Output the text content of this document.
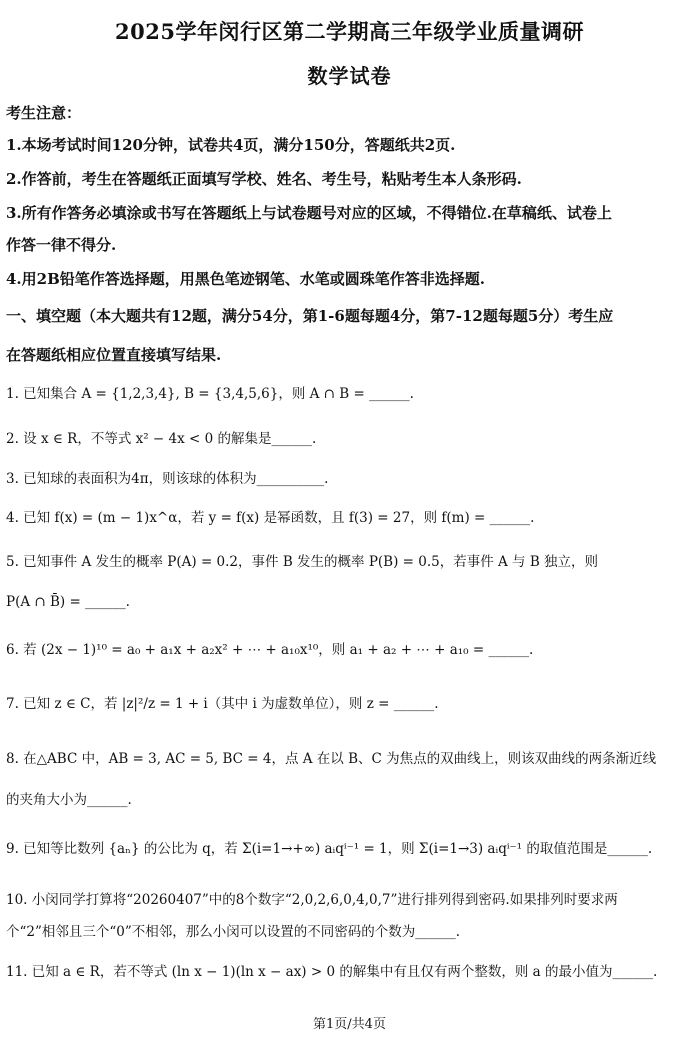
2025学年闵行区第二学期高三年级学业质量调研
数学试卷
考生注意：
1.本场考试时间120分钟，试卷共4页，满分150分，答题纸共2页.
2.作答前，考生在答题纸正面填写学校、姓名、考生号，粘贴考生本人条形码.
3.所有作答务必填涂或书写在答题纸上与试卷题号对应的区域，不得错位.在草稿纸、试卷上
作答一律不得分.
4.用2B铅笔作答选择题，用黑色笔迹钢笔、水笔或圆珠笔作答非选择题.
一、填空题（本大题共有12题，满分54分，第1-6题每题4分，第7-12题每题5分）考生应
在答题纸相应位置直接填写结果.
1. 已知集合 A = {1,2,3,4}, B = {3,4,5,6}，则 A ∩ B = ______.
2. 设 x ∈ R，不等式 x² − 4x < 0 的解集是______.
3. 已知球的表面积为4π，则该球的体积为__________.
4. 已知 f(x) = (m − 1)x^α，若 y = f(x) 是幂函数，且 f(3) = 27，则 f(m) = ______.
5. 已知事件 A 发生的概率 P(A) = 0.2，事件 B 发生的概率 P(B) = 0.5，若事件 A 与 B 独立，则
P(A ∩ B̄) = ______.
6. 若 (2x − 1)¹⁰ = a₀ + a₁x + a₂x² + ⋯ + a₁₀x¹⁰，则 a₁ + a₂ + ⋯ + a₁₀ = ______.
7. 已知 z ∈ C，若 |z|²/z = 1 + i（其中 i 为虚数单位），则 z = ______.
8. 在△ABC 中，AB = 3, AC = 5, BC = 4，点 A 在以 B、C 为焦点的双曲线上，则该双曲线的两条渐近线
的夹角大小为______.
9. 已知等比数列 {aₙ} 的公比为 q，若 Σ(i=1→+∞) aᵢqⁱ⁻¹ = 1，则 Σ(i=1→3) aᵢqⁱ⁻¹ 的取值范围是______.
10. 小闵同学打算将“20260407”中的8个数字“2,0,2,6,0,4,0,7”进行排列得到密码.如果排列时要求两
个“2”相邻且三个“0”不相邻，那么小闵可以设置的不同密码的个数为______.
11. 已知 a ∈ R，若不等式 (ln x − 1)(ln x − ax) > 0 的解集中有且仅有两个整数，则 a 的最小值为______.
第1页/共4页
